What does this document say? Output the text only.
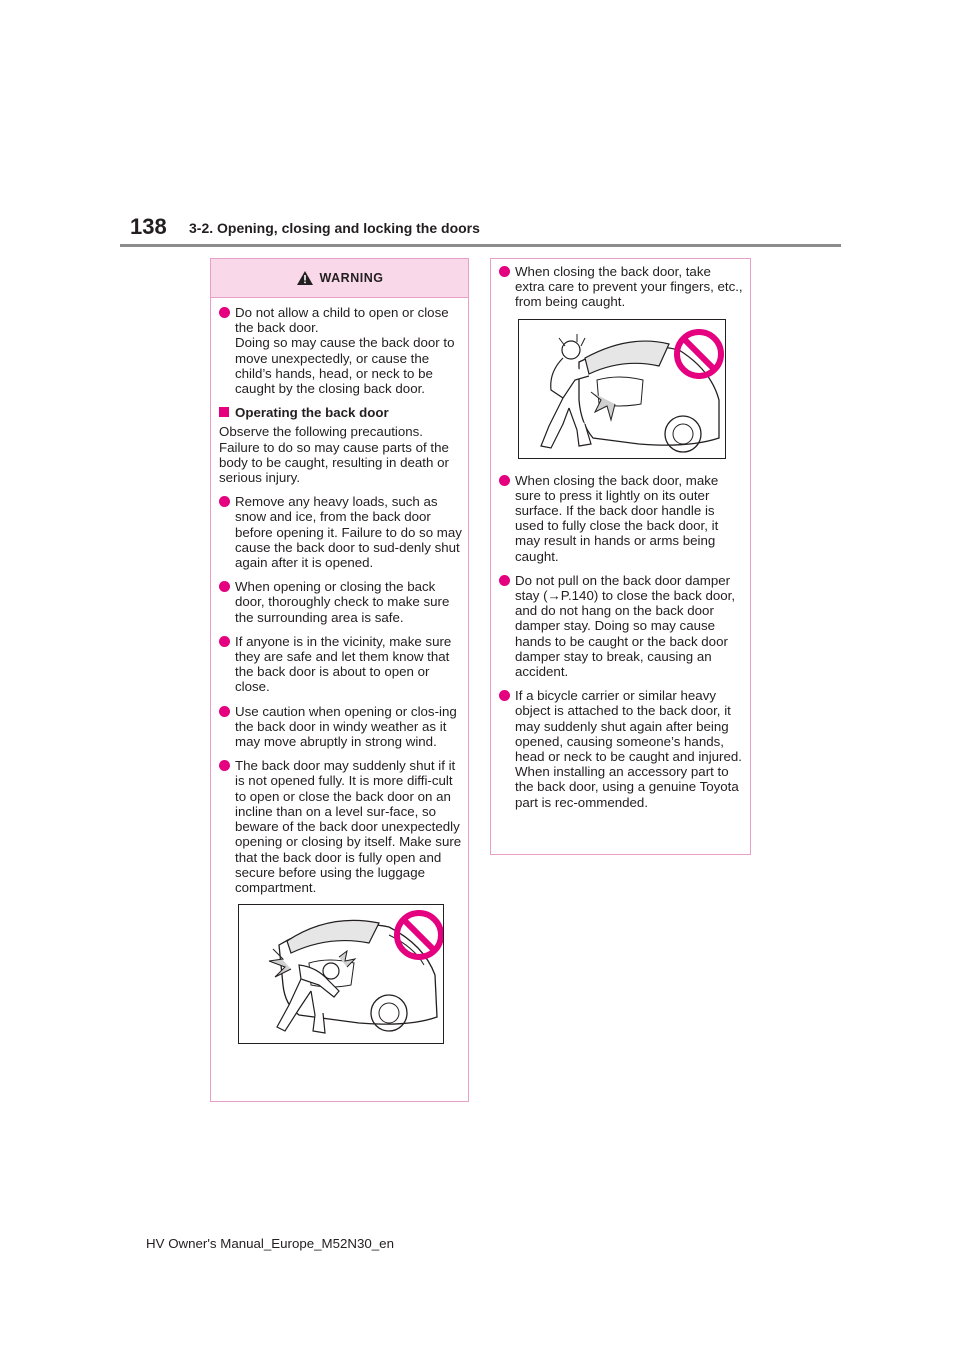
138 3-2. Opening, closing and locking the doors
WARNING
Do not allow a child to open or close the back door.
Doing so may cause the back door to move unexpectedly, or cause the child’s hands, head, or neck to be caught by the closing back door.
Operating the back door
Observe the following precautions. Failure to do so may cause parts of the body to be caught, resulting in death or serious injury.
Remove any heavy loads, such as snow and ice, from the back door before opening it. Failure to do so may cause the back door to sud-denly shut again after it is opened.
When opening or closing the back door, thoroughly check to make sure the surrounding area is safe.
If anyone is in the vicinity, make sure they are safe and let them know that the back door is about to open or close.
Use caution when opening or clos-ing the back door in windy weather as it may move abruptly in strong wind.
The back door may suddenly shut if it is not opened fully. It is more diffi-cult to open or close the back door on an incline than on a level sur-face, so beware of the back door unexpectedly opening or closing by itself. Make sure that the back door is fully open and secure before using the luggage compartment.
When closing the back door, take extra care to prevent your fingers, etc., from being caught.
When closing the back door, make sure to press it lightly on its outer surface. If the back door handle is used to fully close the back door, it may result in hands or arms being caught.
Do not pull on the back door damper stay (→P.140) to close the back door, and do not hang on the back door damper stay. Doing so may cause hands to be caught or the back door damper stay to break, causing an accident.
If a bicycle carrier or similar heavy object is attached to the back door, it may suddenly shut again after being opened, causing someone’s hands, head or neck to be caught and injured. When installing an accessory part to the back door, using a genuine Toyota part is rec-ommended.
HV Owner's Manual_Europe_M52N30_en
